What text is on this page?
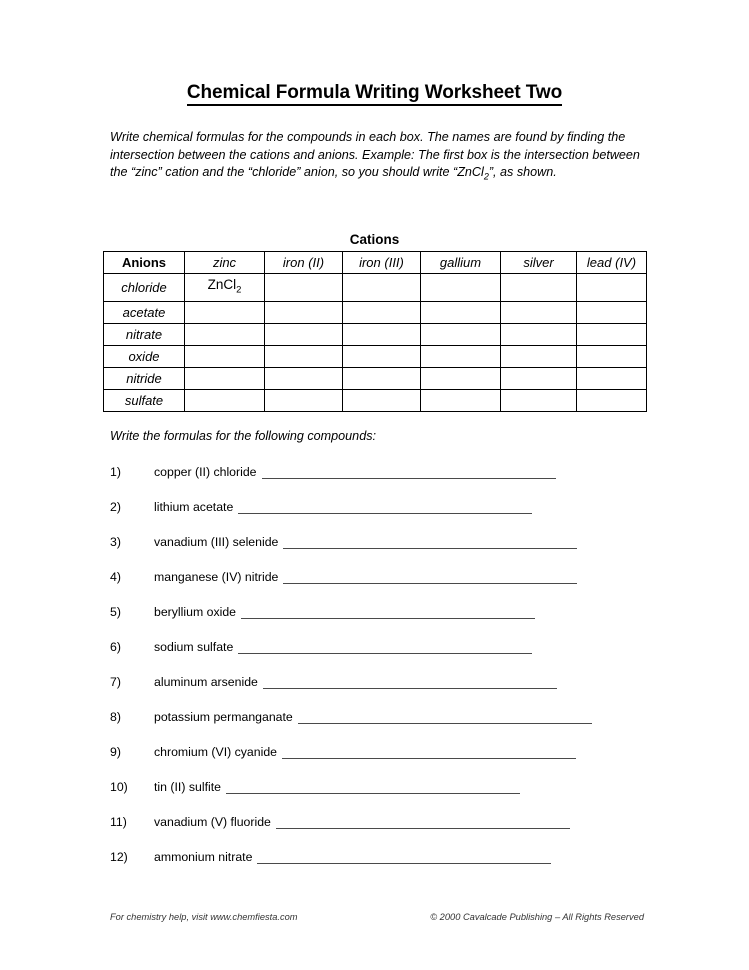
Chemical Formula Writing Worksheet Two
Write chemical formulas for the compounds in each box. The names are found by finding the intersection between the cations and anions. Example: The first box is the intersection between the “zinc” cation and the “chloride” anion, so you should write “ZnCl$_2$”, as shown.
Cations
Anions	zinc	iron (II)	iron (III)	gallium	silver	lead (IV)
chloride	ZnCl$_2$					
acetate						
nitrate						
oxide						
nitride						
sulfate						
Write the formulas for the following compounds:
1)	copper (II) chloride
2)	lithium acetate
3)	vanadium (III) selenide
4)	manganese (IV) nitride
5)	beryllium oxide
6)	sodium sulfate
7)	aluminum arsenide
8)	potassium permanganate
9)	chromium (VI) cyanide
10)	tin (II) sulfite
11)	vanadium (V) fluoride
12)	ammonium nitrate
For chemistry help, visit www.chemfiesta.com	© 2000 Cavalcade Publishing – All Rights Reserved
